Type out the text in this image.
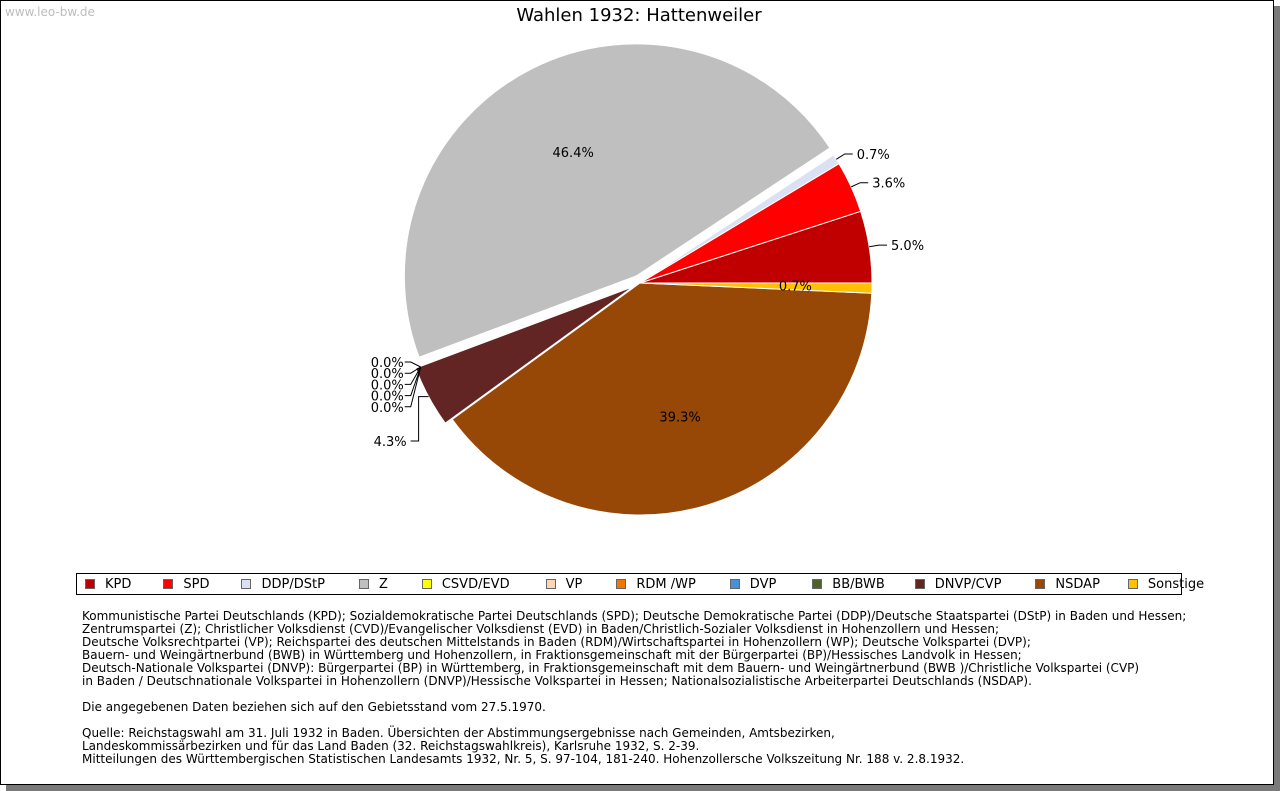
www.leo-bw.de	Wahlen 1932: Hattenweiler
46.4%
39.3%
0.7%
5.0%
3.6%
0.7%
4.3%
0.0%
0.0%
0.0%
0.0%
0.0%
KPD	SPD	DDP/DStP	Z	CSVD/EVD	VP	RDM /WP	DVP	BB/BWB	DNVP/CVP	NSDAP	Sonstige

Kommunistische Partei Deutschlands (KPD); Sozialdemokratische Partei Deutschlands (SPD); Deutsche Demokratische Partei (DDP)/Deutsche Staatspartei (DStP) in Baden und Hessen;

Zentrumspartei (Z); Christlicher Volksdienst (CVD)/Evangelischer Volksdienst (EVD) in Baden/Christlich-Sozialer Volksdienst in Hohenzollern und Hessen;

Deutsche Volksrechtpartei (VP); Reichspartei des deutschen Mittelstands in Baden (RDM)/Wirtschaftspartei in Hohenzollern (WP); Deutsche Volkspartei (DVP);

Bauern- und Weingärtnerbund (BWB) in Württemberg und Hohenzollern, in Fraktionsgemeinschaft mit der Bürgerpartei (BP)/Hessisches Landvolk in Hessen;

Deutsch-Nationale Volkspartei (DNVP): Bürgerpartei (BP) in Württemberg, in Fraktionsgemeinschaft mit dem Bauern- und Weingärtnerbund (BWB )/Christliche Volkspartei (CVP)

in Baden / Deutschnationale Volkspartei in Hohenzollern (DNVP)/Hessische Volkspartei in Hessen; Nationalsozialistische Arbeiterpartei Deutschlands (NSDAP).

Die angegebenen Daten beziehen sich auf den Gebietsstand vom 27.5.1970.

Quelle: Reichstagswahl am 31. Juli 1932 in Baden. Übersichten der Abstimmungsergebnisse nach Gemeinden, Amtsbezirken,

Landeskommissärbezirken und für das Land Baden (32. Reichstagswahlkreis), Karlsruhe 1932, S. 2-39.

Mitteilungen des Württembergischen Statistischen Landesamts 1932, Nr. 5, S. 97-104, 181-240. Hohenzollersche Volkszeitung Nr. 188 v. 2.8.1932.
